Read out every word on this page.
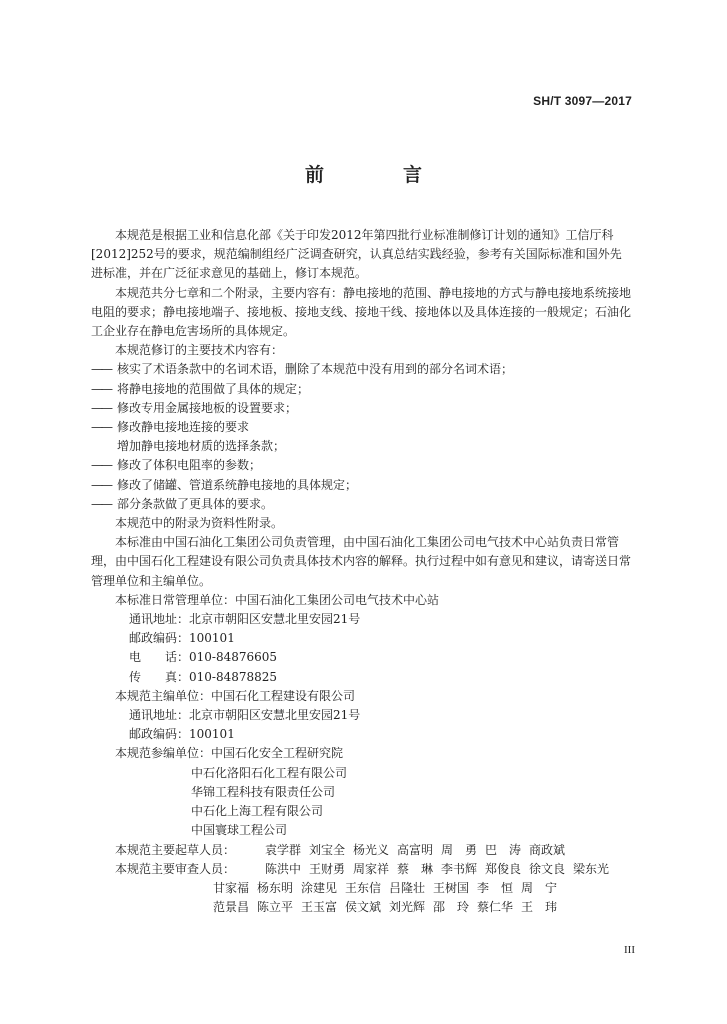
SH/T 3097—2017
前　言

本规范是根据工业和信息化部《关于印发2012年第四批行业标准制修订计划的通知》工信厅科[2012]252号的要求，规范编制组经广泛调查研究，认真总结实践经验，参考有关国际标准和国外先进标准，并在广泛征求意见的基础上，修订本规范。

本规范共分七章和二个附录，主要内容有：静电接地的范围、静电接地的方式与静电接地系统接地电阻的要求；静电接地端子、接地板、接地支线、接地干线、接地体以及具体连接的一般规定；石油化工企业存在静电危害场所的具体规定。

本规范修订的主要技术内容有：

——核实了术语条款中的名词术语，删除了本规范中没有用到的部分名词术语；

——将静电接地的范围做了具体的规定；

——修改专用金属接地板的设置要求；

——修改静电接地连接的要求

增加静电接地材质的选择条款；

——修改了体积电阻率的参数；

——修改了储罐、管道系统静电接地的具体规定；

——部分条款做了更具体的要求。

本规范中的附录为资料性附录。

本标准由中国石油化工集团公司负责管理，由中国石油化工集团公司电气技术中心站负责日常管理，由中国石化工程建设有限公司负责具体技术内容的解释。执行过程中如有意见和建议，请寄送日常管理单位和主编单位。

本标准日常管理单位：中国石油化工集团公司电气技术中心站

通讯地址：北京市朝阳区安慧北里安园21号

邮政编码：100101

电　　话：010-84876605

传　　真：010-84878825

本规范主编单位：中国石化工程建设有限公司

通讯地址：北京市朝阳区安慧北里安园21号

邮政编码：100101

本规范参编单位：中国石化安全工程研究院

中石化洛阳石化工程有限公司
华锦工程科技有限责任公司
中石化上海工程有限公司
中国寰球工程公司
本规范主要起草人员：	袁学群 刘宝全 杨光义 高富明 周　勇 巴　涛 商政斌
本规范主要审查人员：	陈洪中 王财勇 周家祥 蔡　琳 李书辉 郑俊良 徐文良 梁东光
甘家福 杨东明 涂建见 王东信 吕隆壮 王树国 李　恒 周　宁
范景昌 陈立平 王玉富 侯文斌 刘光辉 邵　玲 蔡仁华 王　玮
III
